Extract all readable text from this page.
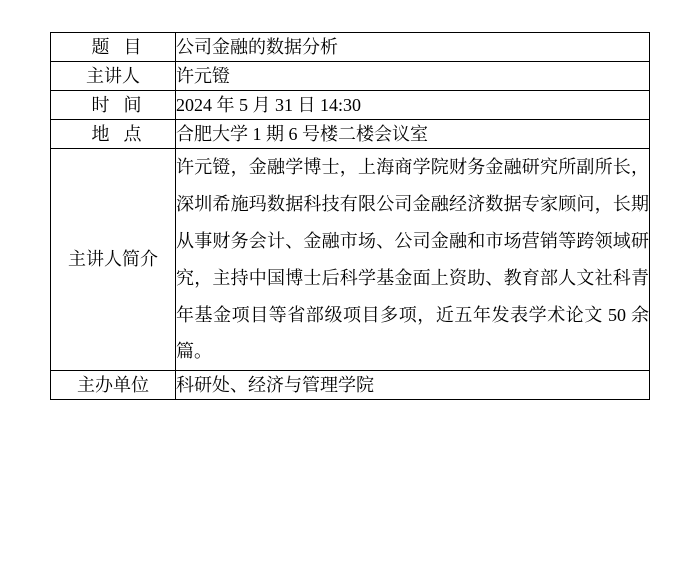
题目	公司金融的数据分析
主讲人	许元镫
时间	2024 年 5 月 31 日 14:30
地点	合肥大学 1 期 6 号楼二楼会议室
主讲人简介	许元镫，金融学博士，上海商学院财务金融研究所副所长，深圳希施玛数据科技有限公司金融经济数据专家顾问，长期从事财务会计、金融市场、公司金融和市场营销等跨领域研究，主持中国博士后科学基金面上资助、教育部人文社科青年基金项目等省部级项目多项，近五年发表学术论文 50 余篇。
主办单位	科研处、经济与管理学院
